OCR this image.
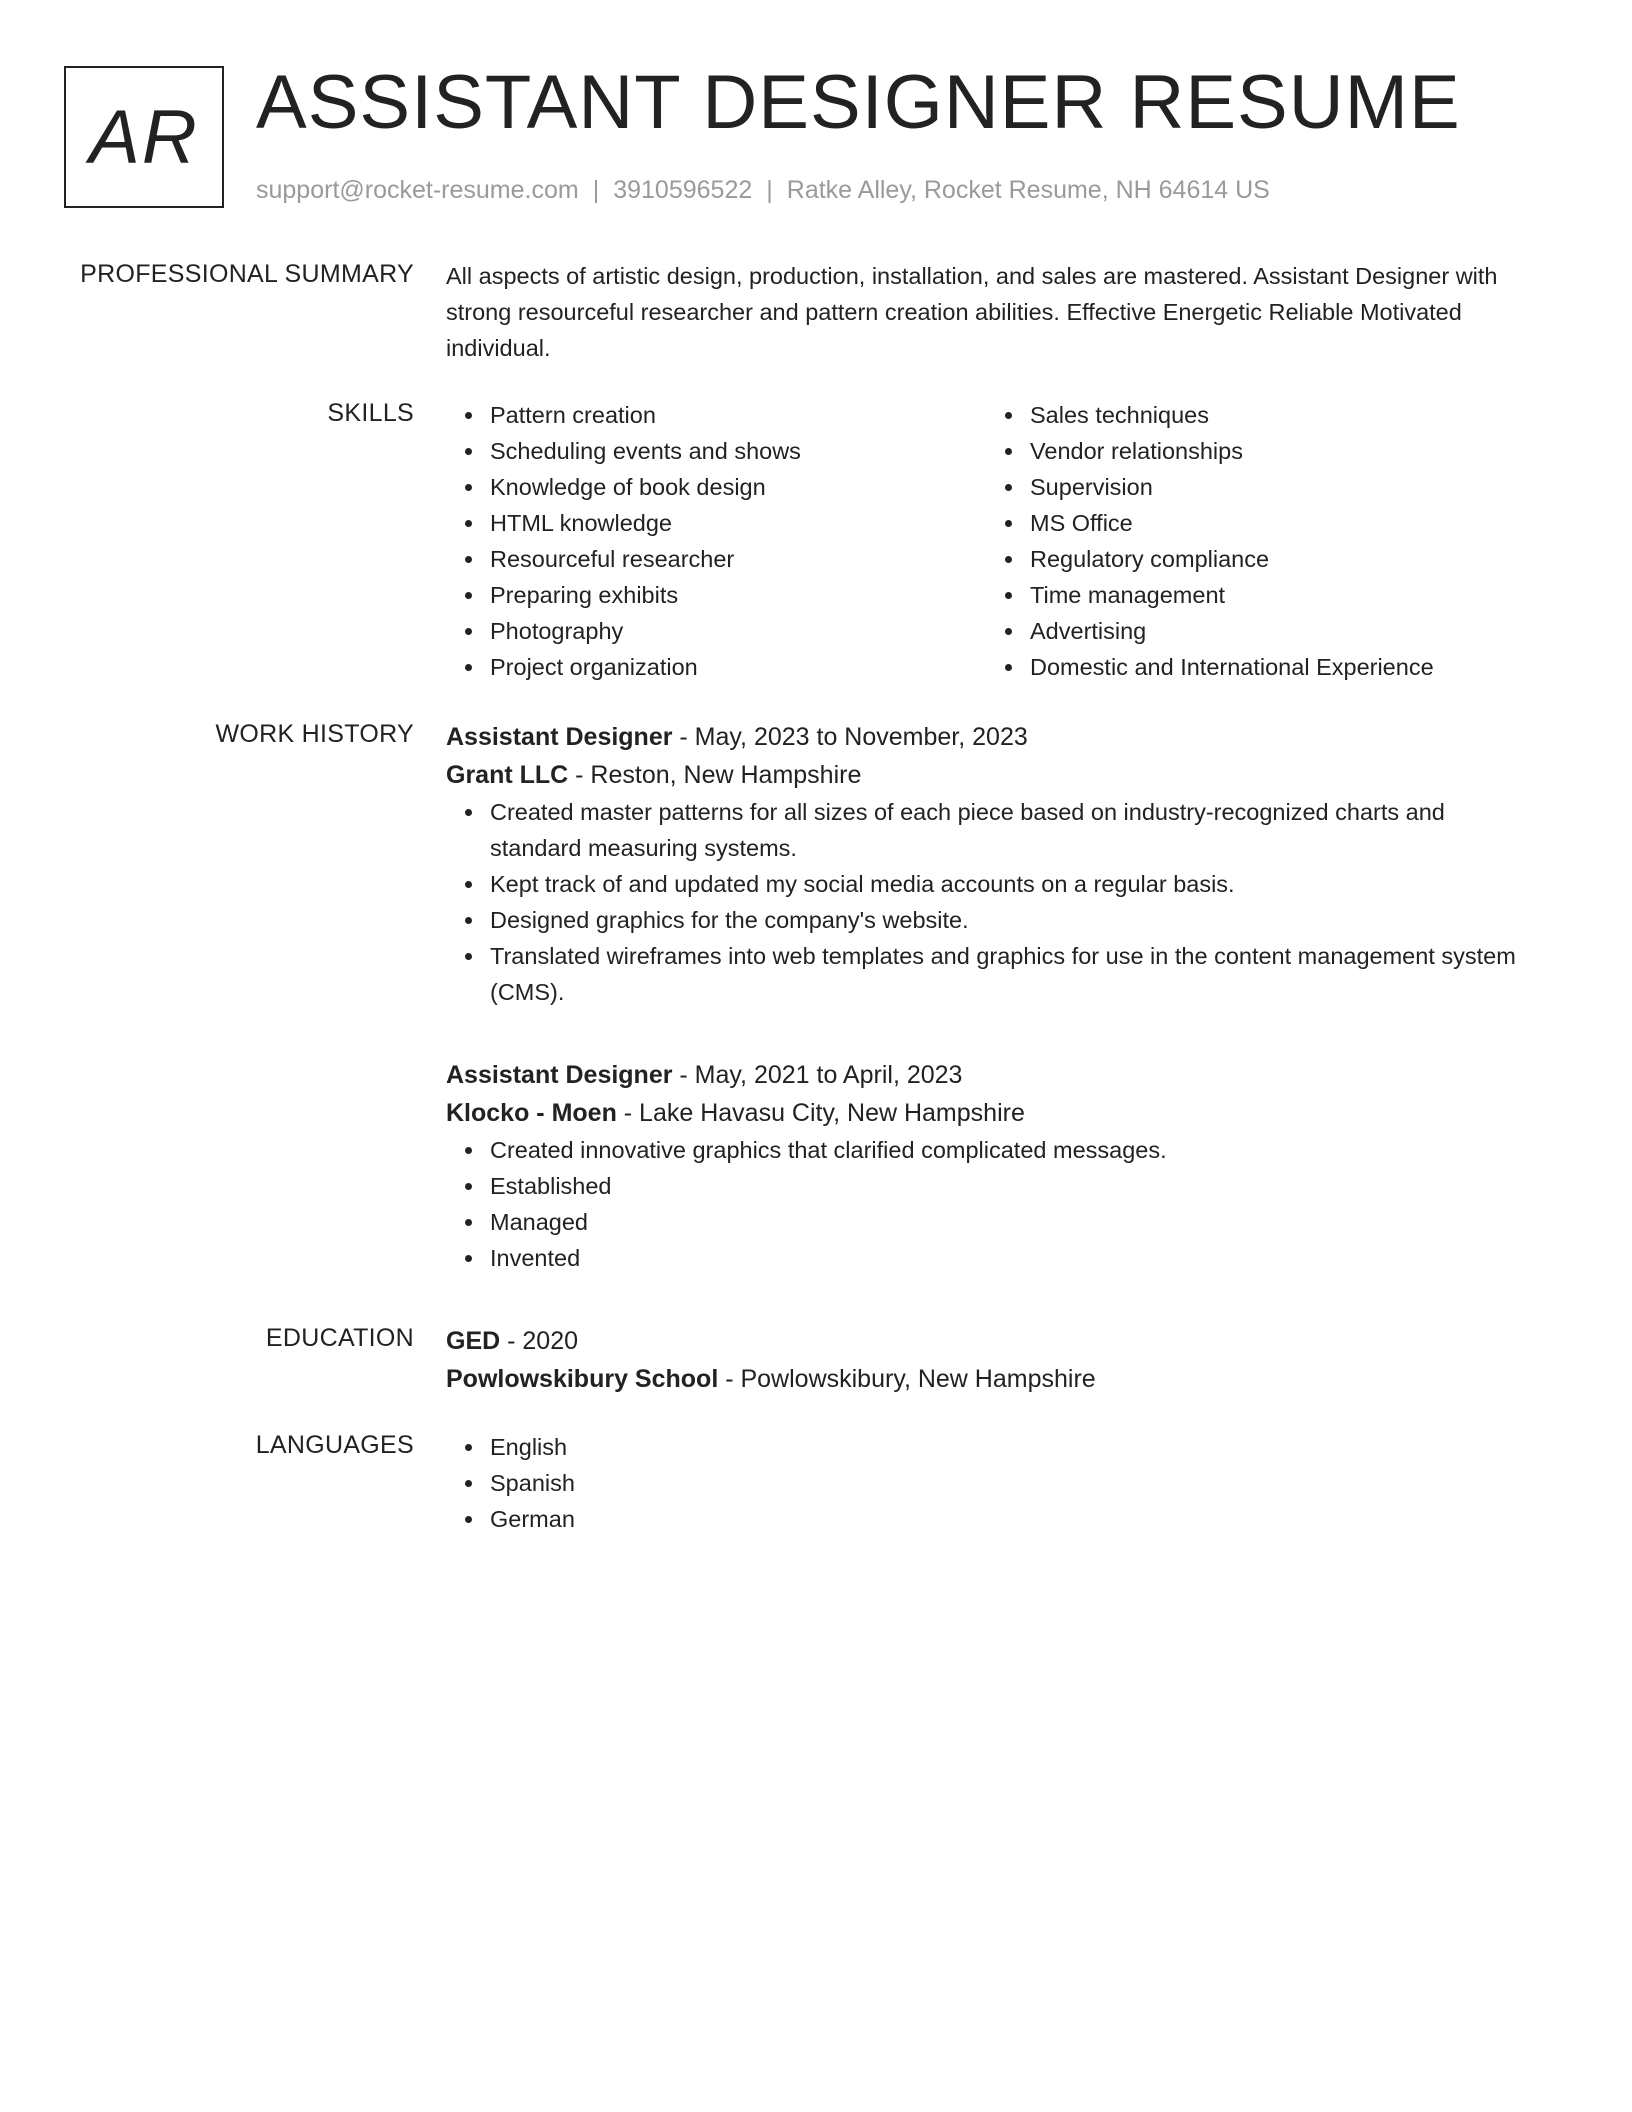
AR ASSISTANT DESIGNER RESUME
support@rocket-resume.com | 3910596522 | Ratke Alley, Rocket Resume, NH 64614 US
PROFESSIONAL SUMMARY All aspects of artistic design, production, installation, and sales are mastered. Assistant Designer with strong resourceful researcher and pattern creation abilities. Effective Energetic Reliable Motivated individual.

SKILLS	Pattern creation
Scheduling events and shows
Knowledge of book design
HTML knowledge
Resourceful researcher
Preparing exhibits
Photography
Project organization
Sales techniques
Vendor relationships
Supervision
MS Office
Regulatory compliance
Time management
Advertising
Domestic and International Experience
WORK HISTORY Assistant Designer - May, 2023 to November, 2023
Grant LLC - Reston, New Hampshire
Created master patterns for all sizes of each piece based on industry-recognized charts and standard measuring systems.
Kept track of and updated my social media accounts on a regular basis.
Designed graphics for the company's website.
Translated wireframes into web templates and graphics for use in the content management system (CMS).
Assistant Designer - May, 2021 to April, 2023
Klocko - Moen - Lake Havasu City, New Hampshire
Created innovative graphics that clarified complicated messages.
Established
Managed
Invented
EDUCATION GED - 2020
Powlowskibury School - Powlowskibury, New Hampshire
LANGUAGES	English
Spanish
German
